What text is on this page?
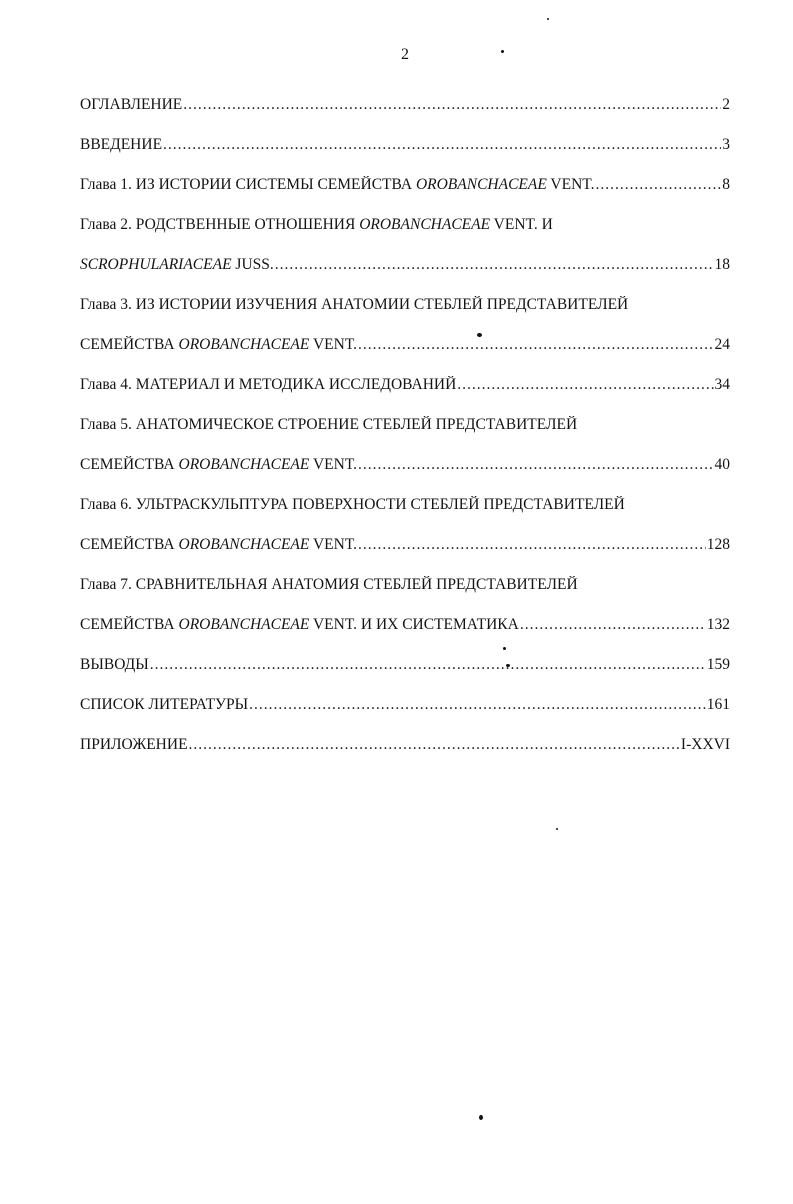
2
ОГЛАВЛЕНИЕ .....	2
ВВЕДЕНИЕ .....	3
Глава 1. ИЗ ИСТОРИИ СИСТЕМЫ СЕМЕЙСТВА OROBANCHACEAE VENT. .....	8
Глава 2. РОДСТВЕННЫЕ ОТНОШЕНИЯ OROBANCHACEAE VENT. И
SCROPHULARIACEAE JUSS. .....	18
Глава 3. ИЗ ИСТОРИИ ИЗУЧЕНИЯ АНАТОМИИ СТЕБЛЕЙ ПРЕДСТАВИТЕЛЕЙ
СЕМЕЙСТВА OROBANCHACEAE VENT. .....	24
Глава 4. МАТЕРИАЛ И МЕТОДИКА ИССЛЕДОВАНИЙ .....	34
Глава 5. АНАТОМИЧЕСКОЕ СТРОЕНИЕ СТЕБЛЕЙ ПРЕДСТАВИТЕЛЕЙ
СЕМЕЙСТВА OROBANCHACEAE VENT. .....	40
Глава 6. УЛЬТРАСКУЛЬПТУРА ПОВЕРХНОСТИ СТЕБЛЕЙ ПРЕДСТАВИТЕЛЕЙ
СЕМЕЙСТВА OROBANCHACEAE VENT. .....	128
Глава 7. СРАВНИТЕЛЬНАЯ АНАТОМИЯ СТЕБЛЕЙ ПРЕДСТАВИТЕЛЕЙ
СЕМЕЙСТВА OROBANCHACEAE VENT. И ИХ СИСТЕМАТИКА .....	132
ВЫВОДЫ .....	159
СПИСОК ЛИТЕРАТУРЫ .....	161
ПРИЛОЖЕНИЕ .....	I-XXVI
